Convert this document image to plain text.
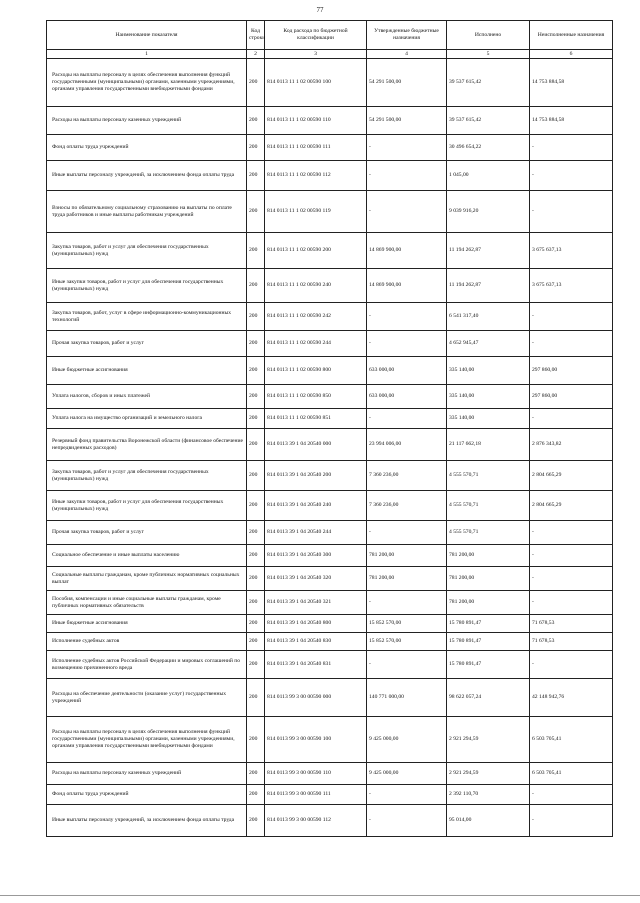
77
Наименование показателя	Код строки	Код расхода по бюджетной классификации	Утвержденные бюджетные назначения	Исполнено	Неисполненные назначения
1	2	3	4	5	6
Расходы на выплаты персоналу в целях обеспечения выполнения функций государственными (муниципальными) органами, казенными учреждениями, органами управления государственными внебюджетными фондами	200	814 0113 11 1 02 00590 100	54 291 500,00	39 537 615,42	14 753 884,58
Расходы на выплаты персоналу казенных учреждений	200	814 0113 11 1 02 00590 110	54 291 500,00	39 537 615,42	14 753 884,58
Фонд оплаты труда учреждений	200	814 0113 11 1 02 00590 111	-	30 496 654,22	-
Иные выплаты персоналу учреждений, за исключением фонда оплаты труда	200	814 0113 11 1 02 00590 112	-	1 045,00	-
Взносы по обязательному социальному страхованию на выплаты по оплате труда работников и иные выплаты работникам учреждений	200	814 0113 11 1 02 00590 119	-	9 039 916,20	-
Закупка товаров, работ и услуг для обеспечения государственных (муниципальных) нужд	200	814 0113 11 1 02 00590 200	14 869 900,00	11 194 262,87	3 675 637,13
Иные закупки товаров, работ и услуг для обеспечения государственных (муниципальных) нужд	200	814 0113 11 1 02 00590 240	14 869 900,00	11 194 262,87	3 675 637,13
Закупка товаров, работ, услуг в сфере информационно-коммуникационных технологий	200	814 0113 11 1 02 00590 242	-	6 541 317,40	-
Прочая закупка товаров, работ и услуг	200	814 0113 11 1 02 00590 244	-	4 652 945,47	-
Иные бюджетные ассигнования	200	814 0113 11 1 02 00590 800	633 000,00	335 140,00	297 860,00
Уплата налогов, сборов и иных платежей	200	814 0113 11 1 02 00590 850	633 000,00	335 140,00	297 860,00
Уплата налога на имущество организаций и земельного налога	200	814 0113 11 1 02 00590 851	-	335 140,00	-
Резервный фонд правительства Воронежской области (финансовое обеспечение непредвиденных расходов)	200	814 0113 39 1 04 20540 000	23 994 006,00	21 117 662,18	2 876 343,82
Закупка товаров, работ и услуг для обеспечения государственных (муниципальных) нужд	200	814 0113 39 1 04 20540 200	7 360 236,00	4 555 570,71	2 804 665,29
Иные закупки товаров, работ и услуг для обеспечения государственных (муниципальных) нужд	200	814 0113 39 1 04 20540 240	7 360 236,00	4 555 570,71	2 804 665,29
Прочая закупка товаров, работ и услуг	200	814 0113 39 1 04 20540 244	-	4 555 570,71	-
Социальное обеспечение и иные выплаты населению	200	814 0113 39 1 04 20540 300	781 200,00	781 200,00	-
Социальные выплаты гражданам, кроме публичных нормативных социальных выплат	200	814 0113 39 1 04 20540 320	781 200,00	781 200,00	-
Пособия, компенсации и иные социальные выплаты гражданам, кроме публичных нормативных обязательств	200	814 0113 39 1 04 20540 321	-	781 200,00	-
Иные бюджетные ассигнования	200	814 0113 39 1 04 20540 800	15 852 570,00	15 780 891,47	71 678,53
Исполнение судебных актов	200	814 0113 39 1 04 20540 830	15 852 570,00	15 780 891,47	71 678,53
Исполнение судебных актов Российской Федерации и мировых соглашений по возмещению причиненного вреда	200	814 0113 39 1 04 20540 831	-	15 780 891,47	-
Расходы на обеспечение деятельности (оказание услуг) государственных учреждений	200	814 0113 99 3 00 00590 000	140 771 000,00	98 622 057,24	42 148 942,76
Расходы на выплаты персоналу в целях обеспечения выполнения функций государственными (муниципальными) органами, казенными учреждениями, органами управления государственными внебюджетными фондами	200	814 0113 99 3 00 00590 100	9 425 000,00	2 921 294,59	6 503 705,41
Расходы на выплаты персоналу казенных учреждений	200	814 0113 99 3 00 00590 110	9 425 000,00	2 921 294,59	6 503 705,41
Фонд оплаты труда учреждений	200	814 0113 99 3 00 00590 111	-	2 392 110,70	-
Иные выплаты персоналу учреждений, за исключением фонда оплаты труда	200	814 0113 99 3 00 00590 112	-	95 014,00	-
